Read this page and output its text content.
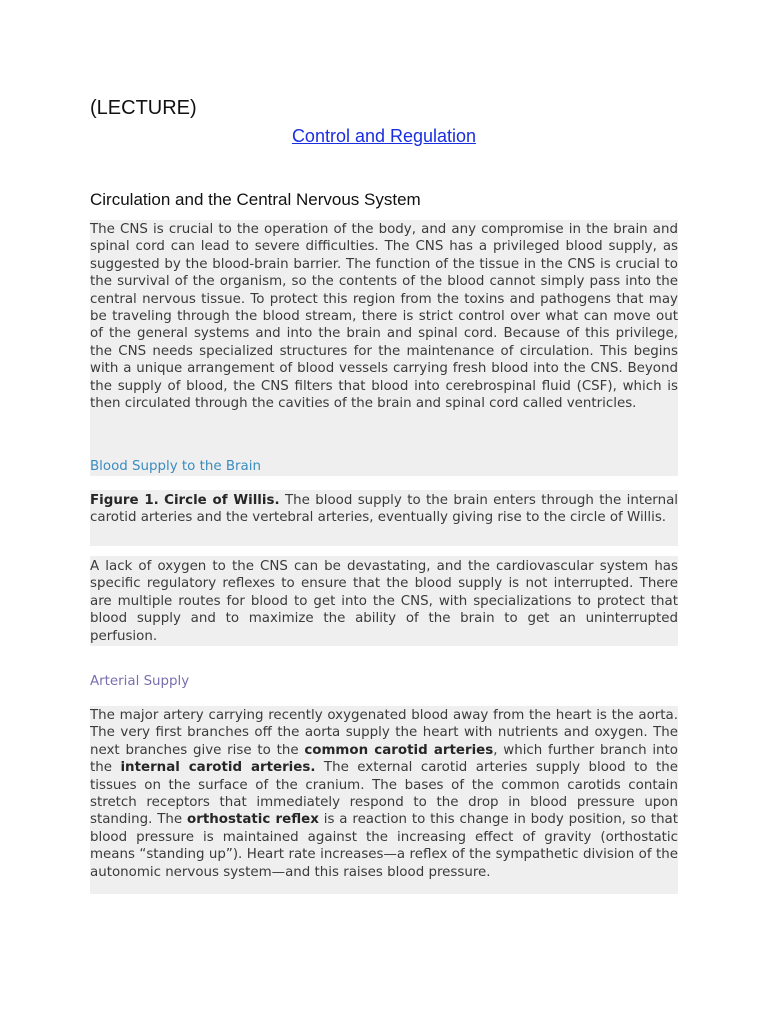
(LECTURE)
Control and Regulation
Circulation and the Central Nervous System

The CNS is crucial to the operation of the body, and any compromise in the brain and spinal cord can lead to severe difficulties. The CNS has a privileged blood supply, as suggested by the blood-brain barrier. The function of the tissue in the CNS is crucial to the survival of the organism, so the contents of the blood cannot simply pass into the central nervous tissue. To protect this region from the toxins and pathogens that may be traveling through the blood stream, there is strict control over what can move out of the general systems and into the brain and spinal cord. Because of this privilege, the CNS needs specialized structures for the maintenance of circulation. This begins with a unique arrangement of blood vessels carrying fresh blood into the CNS. Beyond the supply of blood, the CNS filters that blood into cerebrospinal fluid (CSF), which is then circulated through the cavities of the brain and spinal cord called ventricles.

Blood Supply to the Brain

Figure 1. Circle of Willis. The blood supply to the brain enters through the internal carotid arteries and the vertebral arteries, eventually giving rise to the circle of Willis.

A lack of oxygen to the CNS can be devastating, and the cardiovascular system has specific regulatory reflexes to ensure that the blood supply is not interrupted. There are multiple routes for blood to get into the CNS, with specializations to protect that blood supply and to maximize the ability of the brain to get an uninterrupted perfusion.

Arterial Supply

The major artery carrying recently oxygenated blood away from the heart is the aorta. The very first branches off the aorta supply the heart with nutrients and oxygen. The next branches give rise to the common carotid arteries, which further branch into the internal carotid arteries. The external carotid arteries supply blood to the tissues on the surface of the cranium. The bases of the common carotids contain stretch receptors that immediately respond to the drop in blood pressure upon standing. The orthostatic reflex is a reaction to this change in body position, so that blood pressure is maintained against the increasing effect of gravity (orthostatic means “standing up”). Heart rate increases—a reflex of the sympathetic division of the autonomic nervous system—and this raises blood pressure.
